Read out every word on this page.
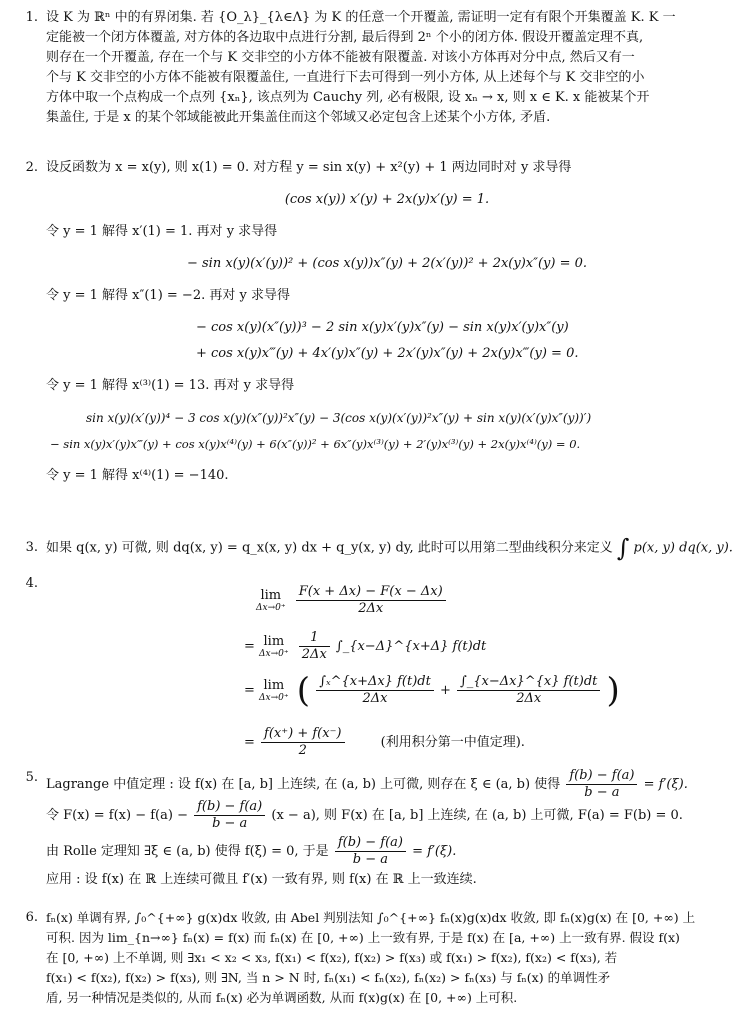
1. 设 K 为 ℝⁿ 中的有界闭集. 若 {O_λ}_{λ∈Λ} 为 K 的任意一个开覆盖, 需证明一定有有限个开集覆盖 K. K 一
定能被一个闭方体覆盖, 对方体的各边取中点进行分割, 最后得到 2ⁿ 个小的闭方体. 假设开覆盖定理不真,
则存在一个开覆盖, 存在一个与 K 交非空的小方体不能被有限覆盖. 对该小方体再对分中点, 然后又有一
个与 K 交非空的小方体不能被有限覆盖住, 一直进行下去可得到一列小方体, 从上述每个与 K 交非空的小
方体中取一个点构成一个点列 {xₙ}, 该点列为 Cauchy 列, 必有极限, 设 xₙ → x, 则 x ∈ K. x 能被某个开
集盖住, 于是 x 的某个邻域能被此开集盖住而这个邻域又必定包含上述某个小方体, 矛盾.
2. 设反函数为 x = x(y), 则 x(1) = 0. 对方程 y = sin x(y) + x²(y) + 1 两边同时对 y 求导得
(cos x(y)) x′(y) + 2x(y)x′(y) = 1.
令 y = 1 解得 x′(1) = 1. 再对 y 求导得
− sin x(y)(x′(y))² + (cos x(y))x″(y) + 2(x′(y))² + 2x(y)x″(y) = 0.
令 y = 1 解得 x″(1) = −2. 再对 y 求导得
− cos x(y)(x″(y))³ − 2 sin x(y)x′(y)x″(y) − sin x(y)x′(y)x″(y)
+ cos x(y)x‴(y) + 4x′(y)x″(y) + 2x′(y)x″(y) + 2x(y)x‴(y) = 0.
令 y = 1 解得 x⁽³⁾(1) = 13. 再对 y 求导得
sin x(y)(x′(y))⁴ − 3 cos x(y)(x″(y))²x″(y) − 3(cos x(y)(x′(y))²x″(y) + sin x(y)(x′(y)x″(y))′)
− sin x(y)x′(y)x‴(y) + cos x(y)x⁽⁴⁾(y) + 6(x″(y))² + 6x″(y)x⁽³⁾(y) + 2′(y)x⁽³⁾(y) + 2x(y)x⁽⁴⁾(y) = 0.
令 y = 1 解得 x⁽⁴⁾(1) = −140.
3. 如果 q(x, y) 可微, 则 dq(x, y) = q_x(x, y) dx + q_y(x, y) dy, 此时可以用第二型曲线积分来定义 ∫ p(x, y) dq(x, y).
4.
lim
Δx→0⁺
$\frac{F(x + \Delta x) - F(x - \Delta x)}{2\Delta x}$
= lim
Δx→0⁺
$\frac{1}{2\Delta x}$ ∫_{x−Δ}^{x+Δ} f(t)dt
= lim
Δx→0⁺ ( $\frac{\text{∫ₓ\textasciicircum{}\{x+Δx\} f(t)dt}}{2\Delta x} + \frac{\int\_\{x-\Delta x\}\^{}\{x\} f(t)dt}{2\Delta x}$ )
= $\frac{f(x^+) + f(x^-)}{2}$	(利用积分第一中值定理).
5. Lagrange 中值定理 : 设 f(x) 在 [a, b] 上连续, 在 (a, b) 上可微, 则存在 ξ ∈ (a, b) 使得 $\frac{f(b) - f(a)}{b - a} = f'(\xi)$.
令 $F(x) = f(x) - f(a) - \frac{f(b) - f(a)}{b - a} (x - a)$, 则 F(x) 在 [a, b] 上连续, 在 (a, b) 上可微, F(a) = F(b) = 0.
由 Rolle 定理知 ∃ξ ∈ (a, b) 使得 f(ξ) = 0, 于是 $\frac{f(b) - f(a)}{b - a} = f'(\xi)$.
应用 : 设 f(x) 在 ℝ 上连续可微且 f′(x) 一致有界, 则 f(x) 在 ℝ 上一致连续.
6. fₙ(x) 单调有界, ∫₀^{+∞} g(x)dx 收敛, 由 Abel 判别法知 ∫₀^{+∞} fₙ(x)g(x)dx 收敛, 即 fₙ(x)g(x) 在 [0, +∞) 上
可积. 因为 lim_{n→∞} fₙ(x) = f(x) 而 fₙ(x) 在 [0, +∞) 上一致有界, 于是 f(x) 在 [a, +∞) 上一致有界. 假设 f(x)
在 [0, +∞) 上不单调, 则 ∃x₁ < x₂ < x₃, f(x₁) < f(x₂), f(x₂) > f(x₃) 或 f(x₁) > f(x₂), f(x₂) < f(x₃), 若
f(x₁) < f(x₂), f(x₂) > f(x₃), 则 ∃N, 当 n > N 时, fₙ(x₁) < fₙ(x₂), fₙ(x₂) > fₙ(x₃) 与 fₙ(x) 的单调性矛
盾, 另一种情况是类似的, 从而 fₙ(x) 必为单调函数, 从而 f(x)g(x) 在 [0, +∞) 上可积.
